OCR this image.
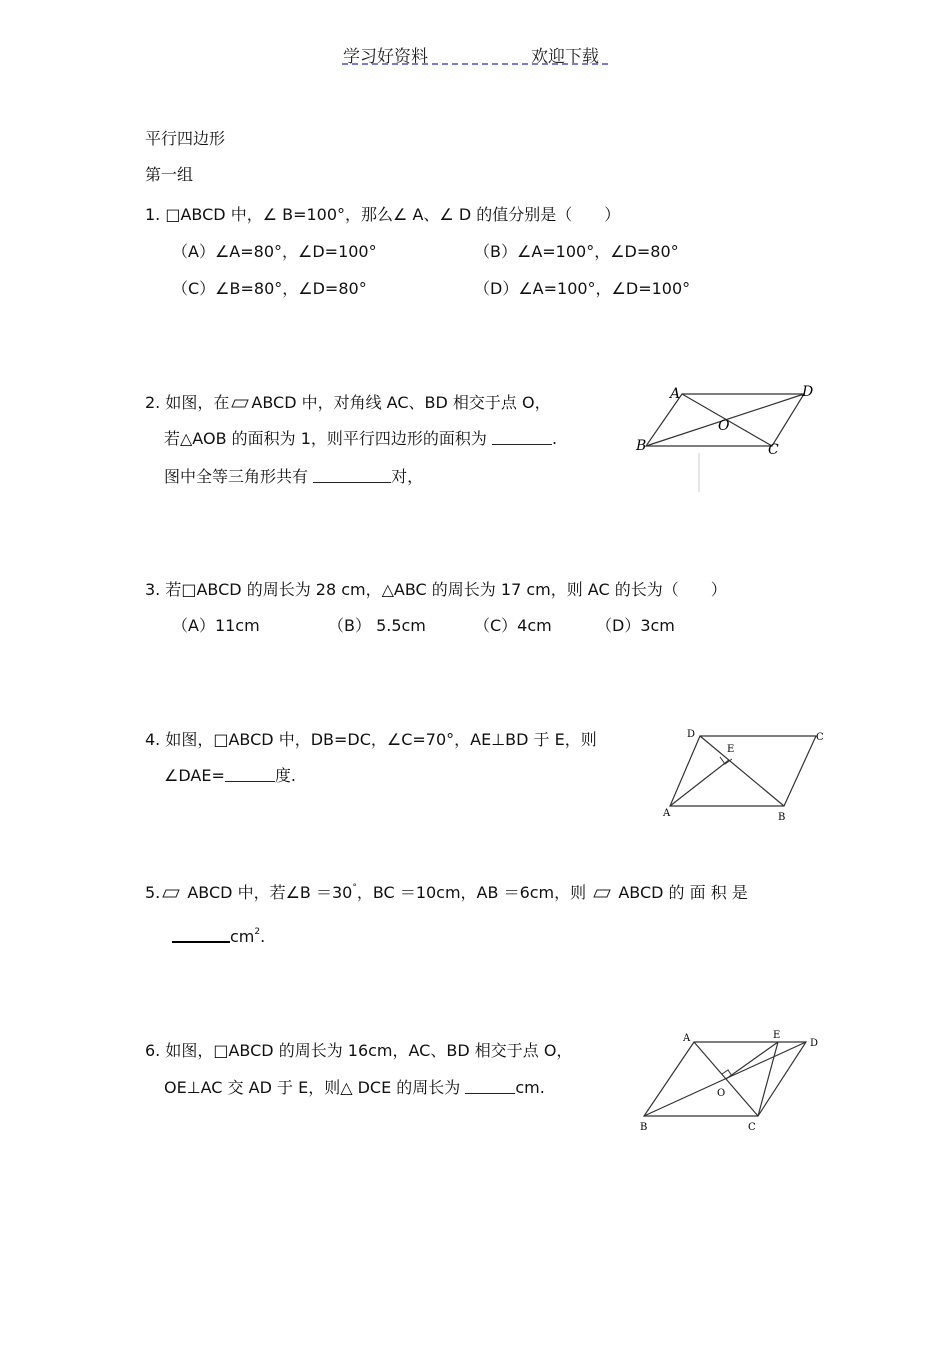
学习好资料	欢迎下载
平行四边形
第一组
1. □ABCD 中，∠ B=100°，那么∠ A、∠ D 的值分别是（　　）
（A）∠A=80°，∠D=100°	（B）∠A=100°，∠D=80°
（C）∠B=80°，∠D=80°	（D）∠A=100°，∠D=100°
2. 如图，在 ABCD 中，对角线 AC、BD 相交于点 O，
若△AOB 的面积为 1，则平行四边形的面积为	.
图中全等三角形共有	对，
A	D
B	C
O
3. 若□ABCD 的周长为 28 cm，△ABC 的周长为 17 cm，则 AC 的长为（　　）
（A）11cm	（B） 5.5cm	（C）4cm	（D）3cm
4. 如图，□ABCD 中，DB=DC，∠C=70°，AE⊥BD 于 E，则
∠DAE=	度.
D	C
E
A	B
5. ABCD 中，若∠B ＝30°，BC ＝10cm，AB ＝6cm，则 ABCD 的 面 积 是
$cm^2$.
6. 如图，□ABCD 的周长为 16cm，AC、BD 相交于点 O，
OE⊥AC 交 AD 于 E，则△ DCE 的周长为	cm.
A	E
D
O
B	C
